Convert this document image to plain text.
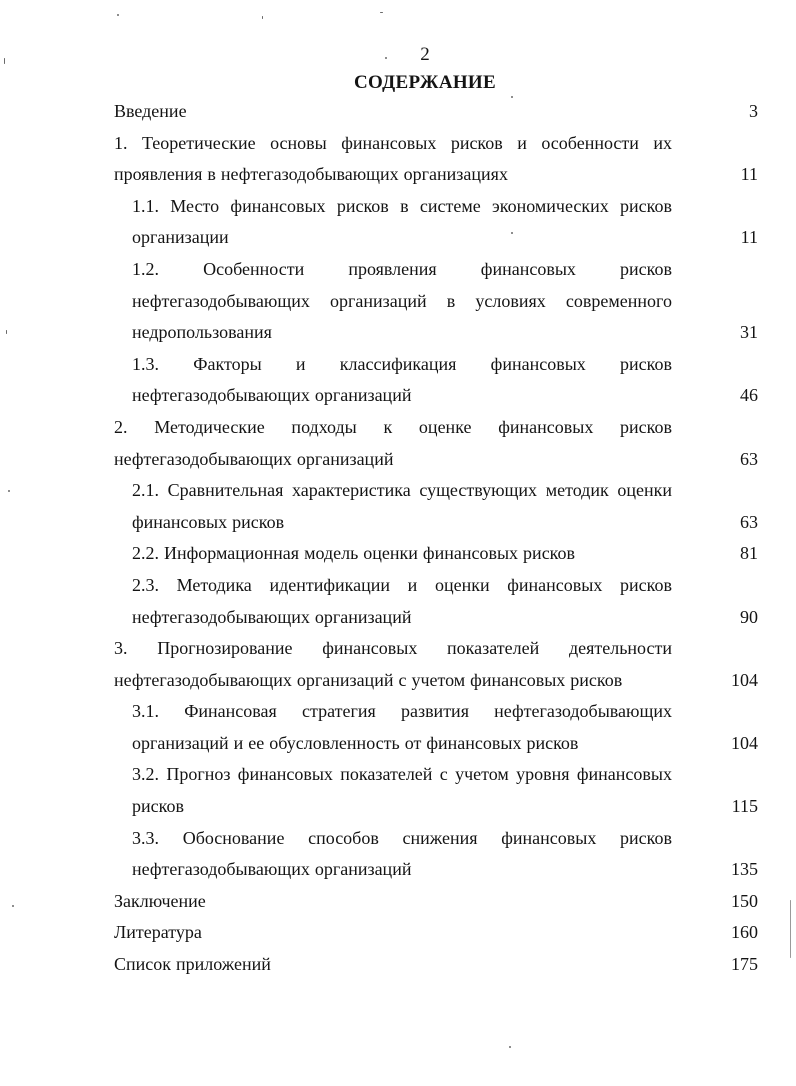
2
СОДЕРЖАНИЕ
Введение	3
1. Теоретические основы финансовых рисков и особенности их проявления в нефтегазодобывающих организациях	11
1.1. Место финансовых рисков в системе экономических рисков организации	11
1.2. Особенности проявления финансовых рисков нефтегазодобывающих организаций в условиях современного недропользования	31
1.3. Факторы и классификация финансовых рисков нефтегазодобывающих организаций	46
2. Методические подходы к оценке финансовых рисков нефтегазодобывающих организаций	63
2.1. Сравнительная характеристика существующих методик оценки финансовых рисков	63
2.2. Информационная модель оценки финансовых рисков	81
2.3. Методика идентификации и оценки финансовых рисков нефтегазодобывающих организаций	90
3. Прогнозирование финансовых показателей деятельности нефтегазодобывающих организаций с учетом финансовых рисков	104
3.1. Финансовая стратегия развития нефтегазодобывающих организаций и ее обусловленность от финансовых рисков	104
3.2. Прогноз финансовых показателей с учетом уровня финансовых рисков	115
3.3. Обоснование способов снижения финансовых рисков нефтегазодобывающих организаций	135
Заключение	150
Литература	160
Список приложений	175
